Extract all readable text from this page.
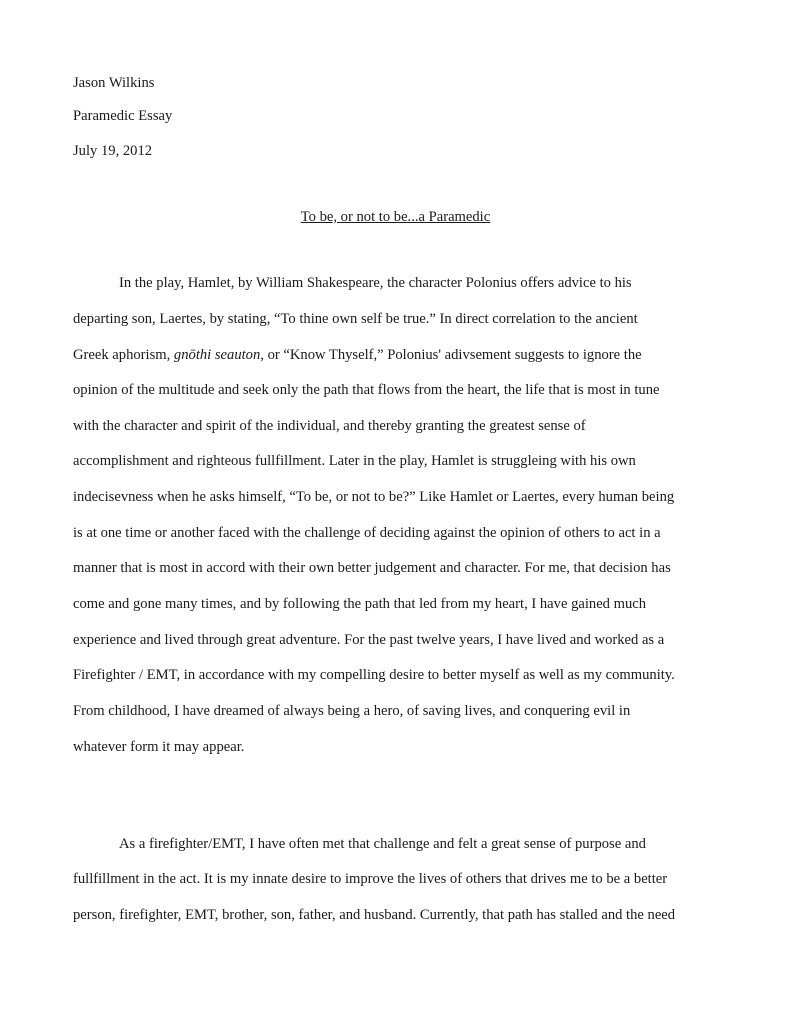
Jason Wilkins
Paramedic Essay
July 19, 2012
To be, or not to be...a Paramedic
In the play, Hamlet, by William Shakespeare, the character Polonius offers advice to his
departing son, Laertes, by stating, “To thine own self be true.” In direct correlation to the ancient
Greek aphorism, gnōthi seauton, or “Know Thyself,” Polonius' adivsement suggests to ignore the
opinion of the multitude and seek only the path that flows from the heart, the life that is most in tune
with the character and spirit of the individual, and thereby granting the greatest sense of
accomplishment and righteous fullfillment. Later in the play, Hamlet is struggleing with his own
indecisevness when he asks himself, “To be, or not to be?” Like Hamlet or Laertes, every human being
is at one time or another faced with the challenge of deciding against the opinion of others to act in a
manner that is most in accord with their own better judgement and character. For me, that decision has
come and gone many times, and by following the path that led from my heart, I have gained much
experience and lived through great adventure. For the past twelve years, I have lived and worked as a
Firefighter / EMT, in accordance with my compelling desire to better myself as well as my community.
From childhood, I have dreamed of always being a hero, of saving lives, and conquering evil in
whatever form it may appear.
As a firefighter/EMT, I have often met that challenge and felt a great sense of purpose and
fullfillment in the act. It is my innate desire to improve the lives of others that drives me to be a better
person, firefighter, EMT, brother, son, father, and husband. Currently, that path has stalled and the need
